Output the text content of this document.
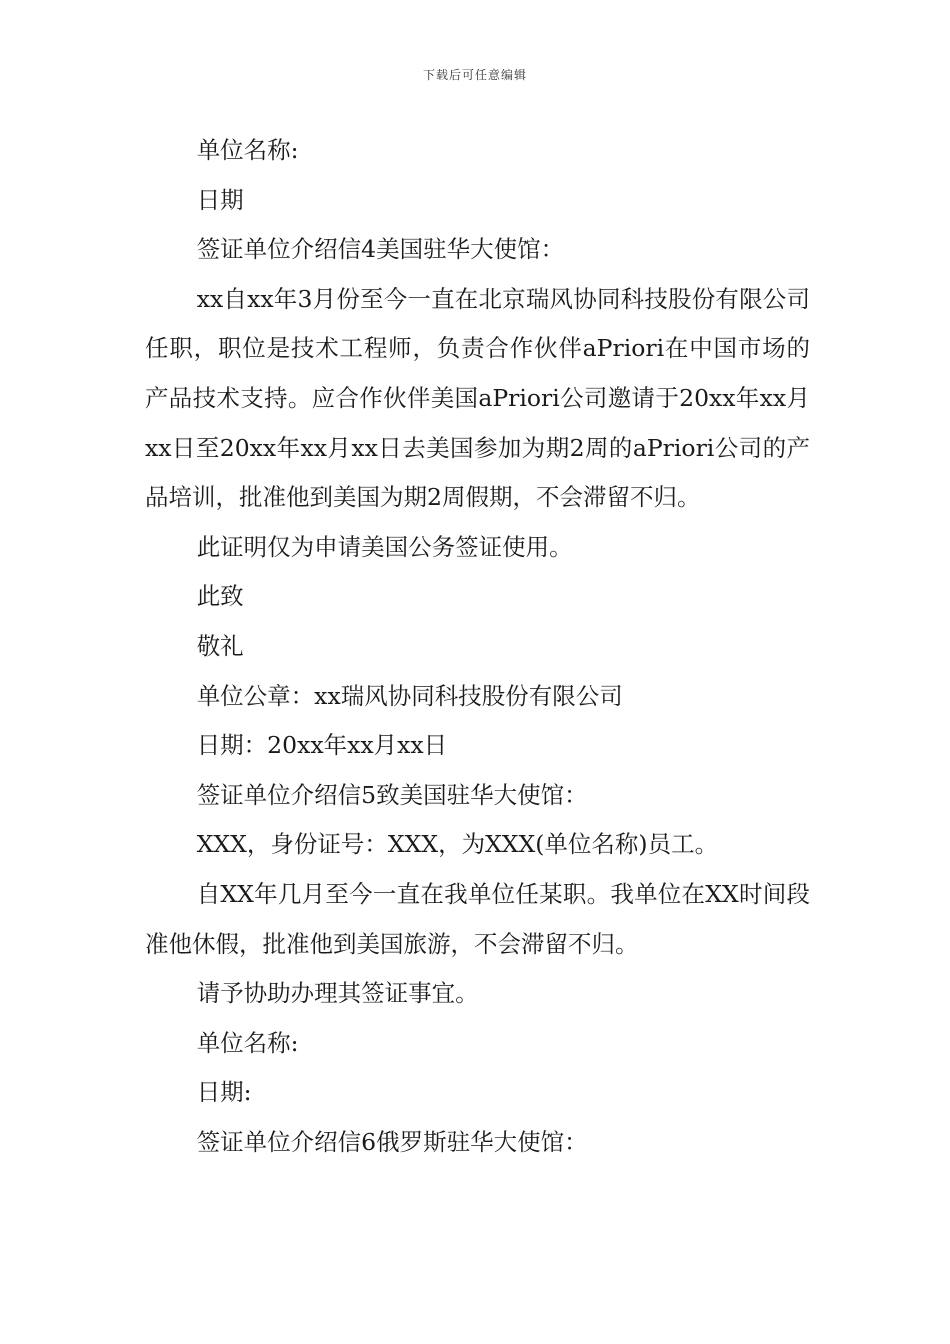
下载后可任意编辑

单位名称:

日期

签证单位介绍信4美国驻华大使馆：

xx自xx年3月份至今一直在北京瑞风协同科技股份有限公司任职，职位是技术工程师，负责合作伙伴aPriori在中国市场的产品技术支持。应合作伙伴美国aPriori公司邀请于20xx年xx月xx日至20xx年xx月xx日去美国参加为期2周的aPriori公司的产品培训，批准他到美国为期2周假期，不会滞留不归。

此证明仅为申请美国公务签证使用。

此致

敬礼

单位公章：xx瑞风协同科技股份有限公司

日期：20xx年xx月xx日

签证单位介绍信5致美国驻华大使馆：

XXX，身份证号：XXX，为XXX(单位名称)员工。

自XX年几月至今一直在我单位任某职。我单位在XX时间段准他休假，批准他到美国旅游，不会滞留不归。

请予协助办理其签证事宜。

单位名称:

日期:

签证单位介绍信6俄罗斯驻华大使馆：
